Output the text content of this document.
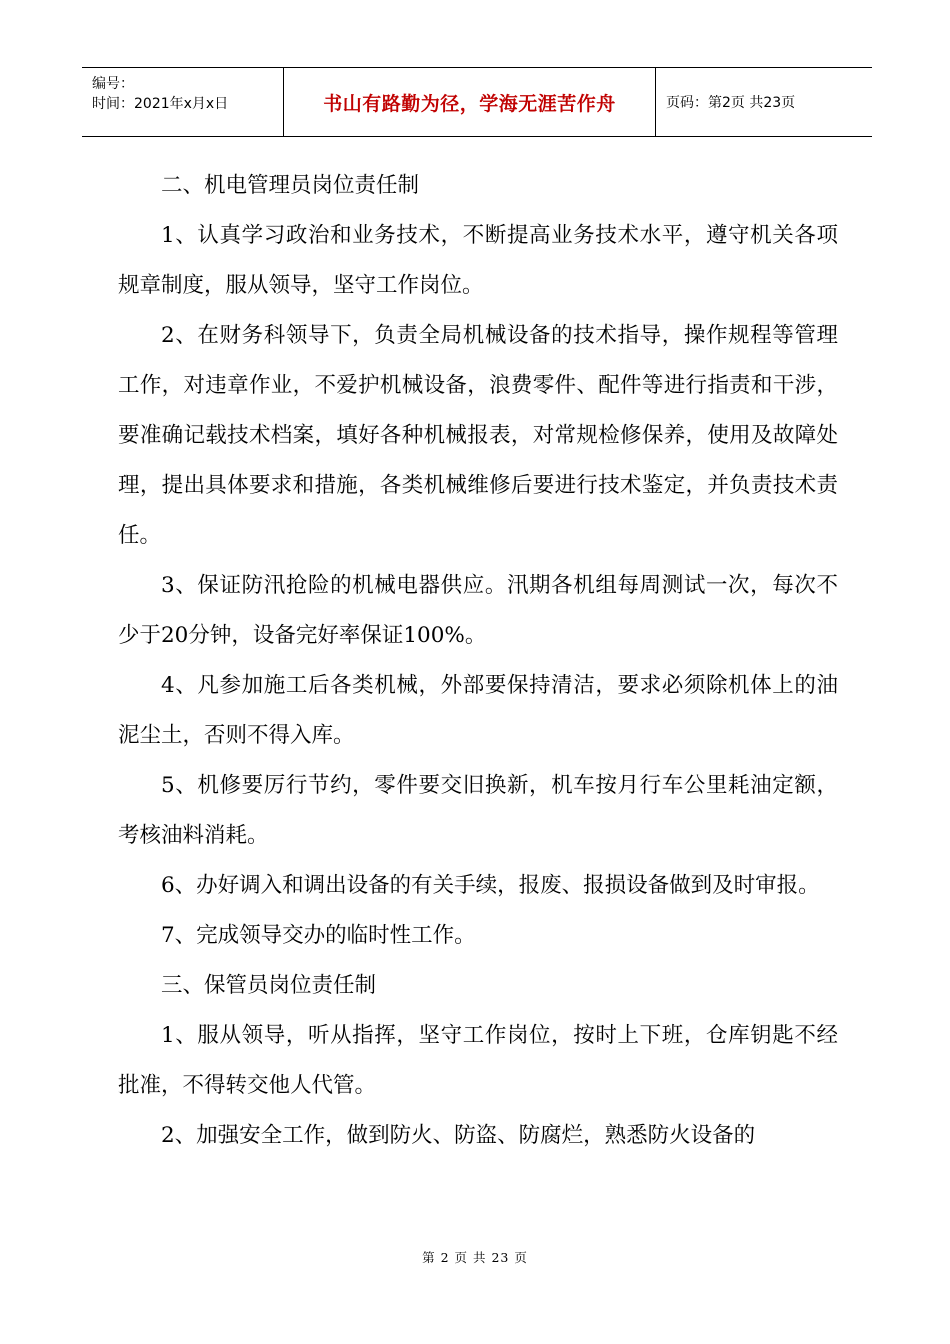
编号：
时间：2021年x月x日	书山有路勤为径，学海无涯苦作舟	页码：第2页 共23页

二、机电管理员岗位责任制

1、认真学习政治和业务技术，不断提高业务技术水平，遵守机关各项规章制度，服从领导，坚守工作岗位。

2、在财务科领导下，负责全局机械设备的技术指导，操作规程等管理工作，对违章作业，不爱护机械设备，浪费零件、配件等进行指责和干涉，要准确记载技术档案，填好各种机械报表，对常规检修保养，使用及故障处理，提出具体要求和措施，各类机械维修后要进行技术鉴定，并负责技术责任。

3、保证防汛抢险的机械电器供应。汛期各机组每周测试一次，每次不少于20分钟，设备完好率保证100%。

4、凡参加施工后各类机械，外部要保持清洁，要求必须除机体上的油泥尘土，否则不得入库。

5、机修要厉行节约，零件要交旧换新，机车按月行车公里耗油定额，考核油料消耗。

6、办好调入和调出设备的有关手续，报废、报损设备做到及时审报。

7、完成领导交办的临时性工作。

三、保管员岗位责任制

1、服从领导，听从指挥，坚守工作岗位，按时上下班，仓库钥匙不经批准，不得转交他人代管。

2、加强安全工作，做到防火、防盗、防腐烂，熟悉防火设备的

第 2 页 共 23 页
